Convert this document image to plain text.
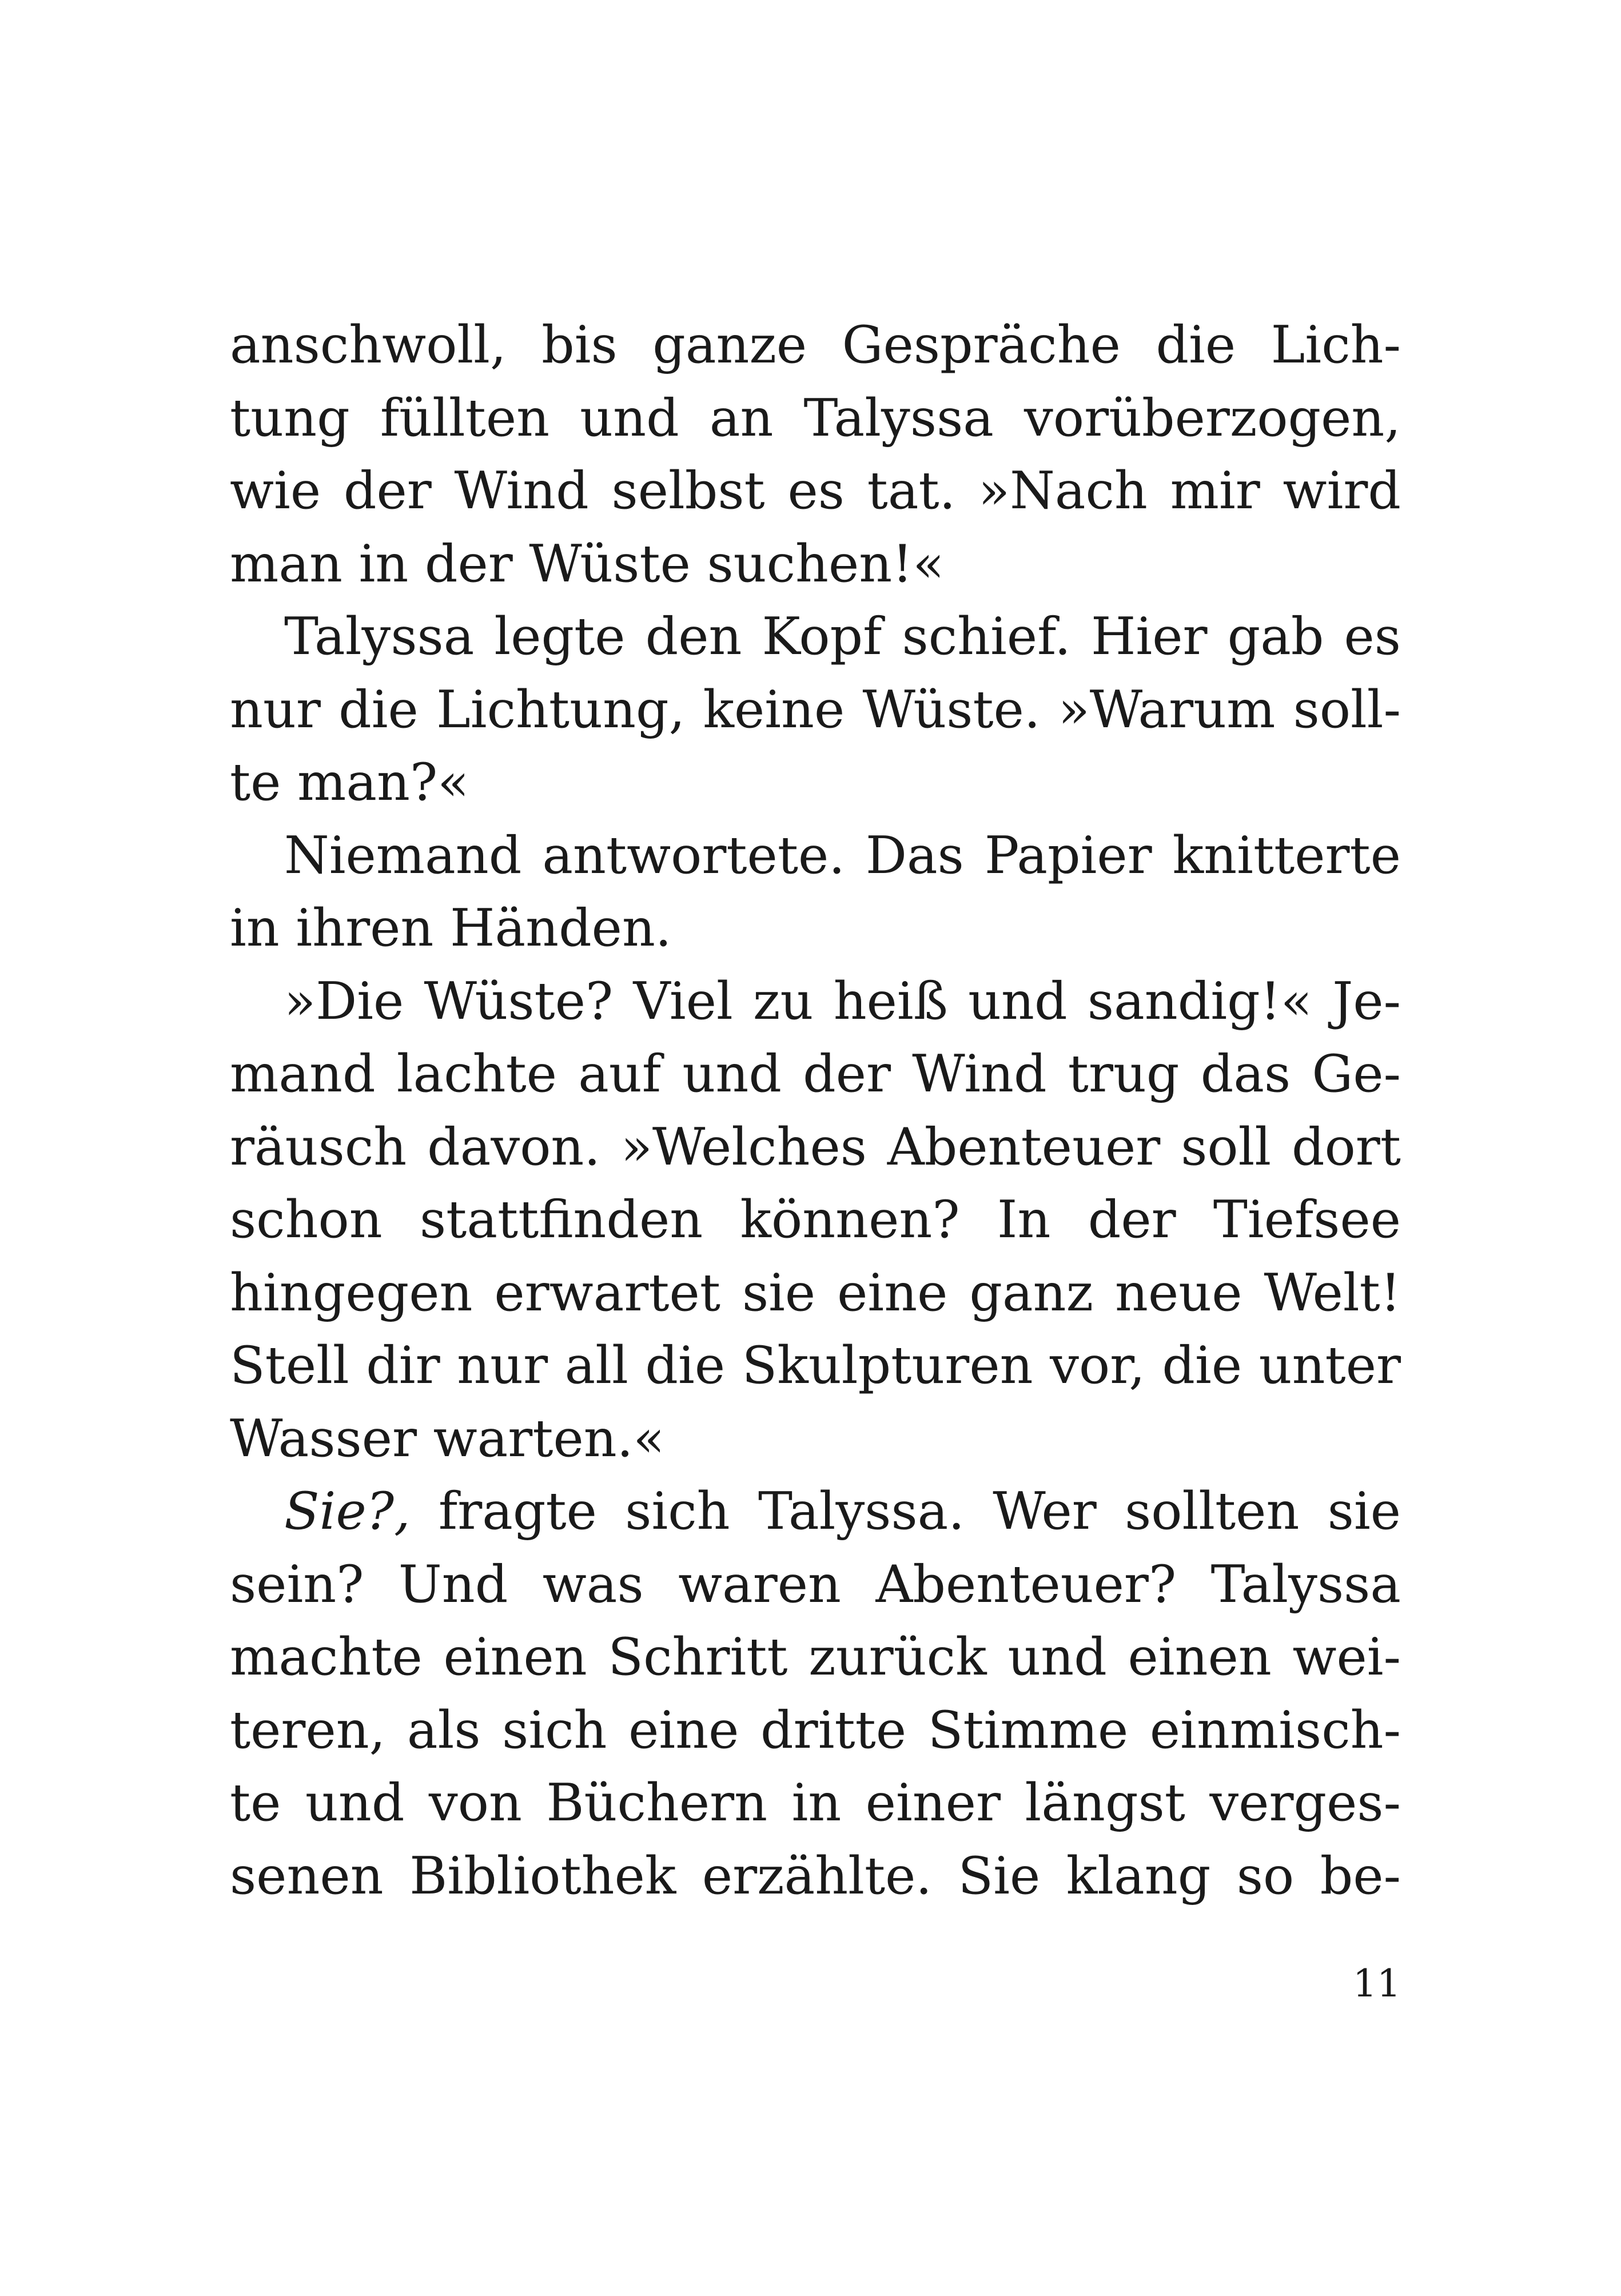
anschwoll, bis ganze Gespräche die Lich-
tung füllten und an Talyssa vorüberzogen,
wie der Wind selbst es tat. »Nach mir wird
man in der Wüste suchen!«
Talyssa legte den Kopf schief. Hier gab es
nur die Lichtung, keine Wüste. »Warum soll-
te man?«
Niemand antwortete. Das Papier knitterte
in ihren Händen.
»Die Wüste? Viel zu heiß und sandig!« Je-
mand lachte auf und der Wind trug das Ge-
räusch davon. »Welches Abenteuer soll dort
schon stattfinden können? In der Tiefsee
hingegen erwartet sie eine ganz neue Welt!
Stell dir nur all die Skulpturen vor, die unter
Wasser warten.«
Sie?, fragte sich Talyssa. Wer sollten sie
sein? Und was waren Abenteuer? Talyssa
machte einen Schritt zurück und einen wei-
teren, als sich eine dritte Stimme einmisch-
te und von Büchern in einer längst verges-
senen Bibliothek erzählte. Sie klang so be-
11
